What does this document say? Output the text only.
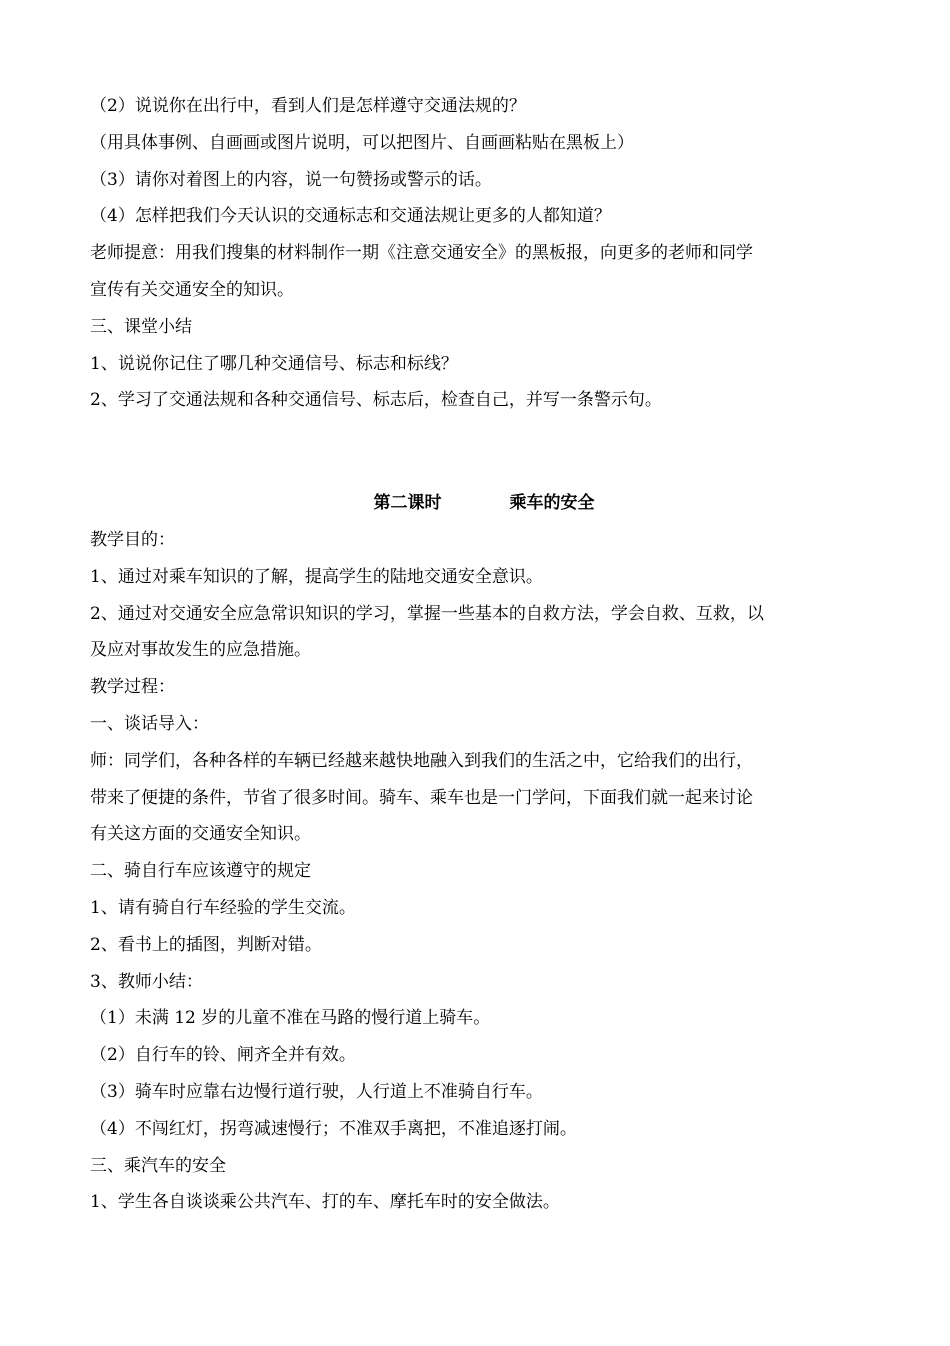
（2）说说你在出行中，看到人们是怎样遵守交通法规的？
（用具体事例、自画画或图片说明，可以把图片、自画画粘贴在黑板上）
（3）请你对着图上的内容，说一句赞扬或警示的话。
（4）怎样把我们今天认识的交通标志和交通法规让更多的人都知道？
老师提意：用我们搜集的材料制作一期《注意交通安全》的黑板报，向更多的老师和同学
宣传有关交通安全的知识。
三、课堂小结
1、说说你记住了哪几种交通信号、标志和标线？
2、学习了交通法规和各种交通信号、标志后，检查自己，并写一条警示句。
第二课时	乘车的安全
教学目的：
1、通过对乘车知识的了解，提高学生的陆地交通安全意识。
2、通过对交通安全应急常识知识的学习，掌握一些基本的自救方法，学会自救、互救，以
及应对事故发生的应急措施。
教学过程：
一、谈话导入：
师：同学们，各种各样的车辆已经越来越快地融入到我们的生活之中，它给我们的出行，
带来了便捷的条件，节省了很多时间。骑车、乘车也是一门学问，下面我们就一起来讨论
有关这方面的交通安全知识。
二、骑自行车应该遵守的规定
1、请有骑自行车经验的学生交流。
2、看书上的插图，判断对错。
3、教师小结：
（1）未满 12 岁的儿童不准在马路的慢行道上骑车。
（2）自行车的铃、闸齐全并有效。
（3）骑车时应靠右边慢行道行驶，人行道上不准骑自行车。
（4）不闯红灯，拐弯减速慢行；不准双手离把，不准追逐打闹。
三、乘汽车的安全
1、学生各自谈谈乘公共汽车、打的车、摩托车时的安全做法。
